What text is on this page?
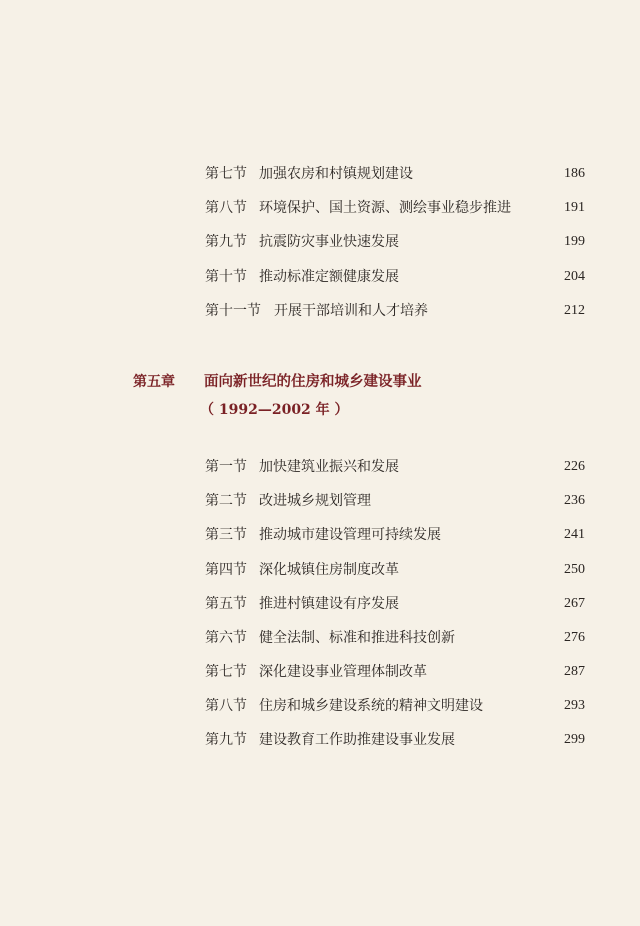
第七节 加强农房和村镇规划建设	186
第八节 环境保护、国土资源、测绘事业稳步推进	191
第九节 抗震防灾事业快速发展	199
第十节 推动标准定额健康发展	204
第十一节 开展干部培训和人才培养	212
第五章 面向新世纪的住房和城乡建设事业
（ 1992—2002 年 ）
第一节 加快建筑业振兴和发展	226
第二节 改进城乡规划管理	236
第三节 推动城市建设管理可持续发展	241
第四节 深化城镇住房制度改革	250
第五节 推进村镇建设有序发展	267
第六节 健全法制、标准和推进科技创新	276
第七节 深化建设事业管理体制改革	287
第八节 住房和城乡建设系统的精神文明建设	293
第九节 建设教育工作助推建设事业发展	299
